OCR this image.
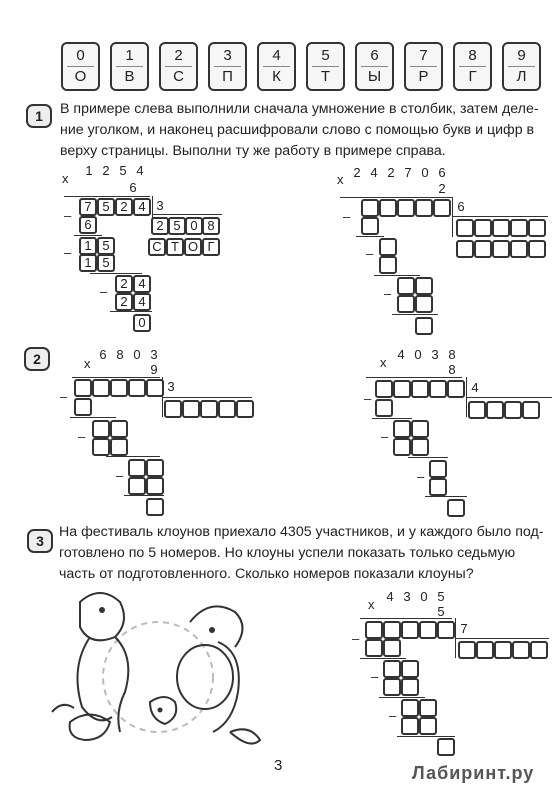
0
О
1
В
2
С
3
П
4
К
5
Т
6
Ы
7
Р
8
Г
9
Л
1	В примере слева выполнили сначала умножение в столбик, затем деле-
ние уголком, и наконец расшифровали слово с помощью букв и цифр в
верху страницы. Выполни ту же работу в примере справа.
x
1 2 5 4
6
7 5 2 4
–
3
2 5 0 8
6
1 5
–
1 5
С Т О Г
2 4
–
2 4
0
x 2 4 2 7 0 6
2
–
6
–
–
2	x
6 8 0 3
9
–
3
–
–
x
4 0 3 8
8
–
4
–
–
3
На фестиваль клоунов приехало 4305 участников, и у каждого было под-
готовлено по 5 номеров. Но клоуны успели показать только седьмую
часть от подготовленного. Сколько номеров показали клоуны?
x
4 3 0 5
5
–
7
–
–
3	Лабиринт.ру
